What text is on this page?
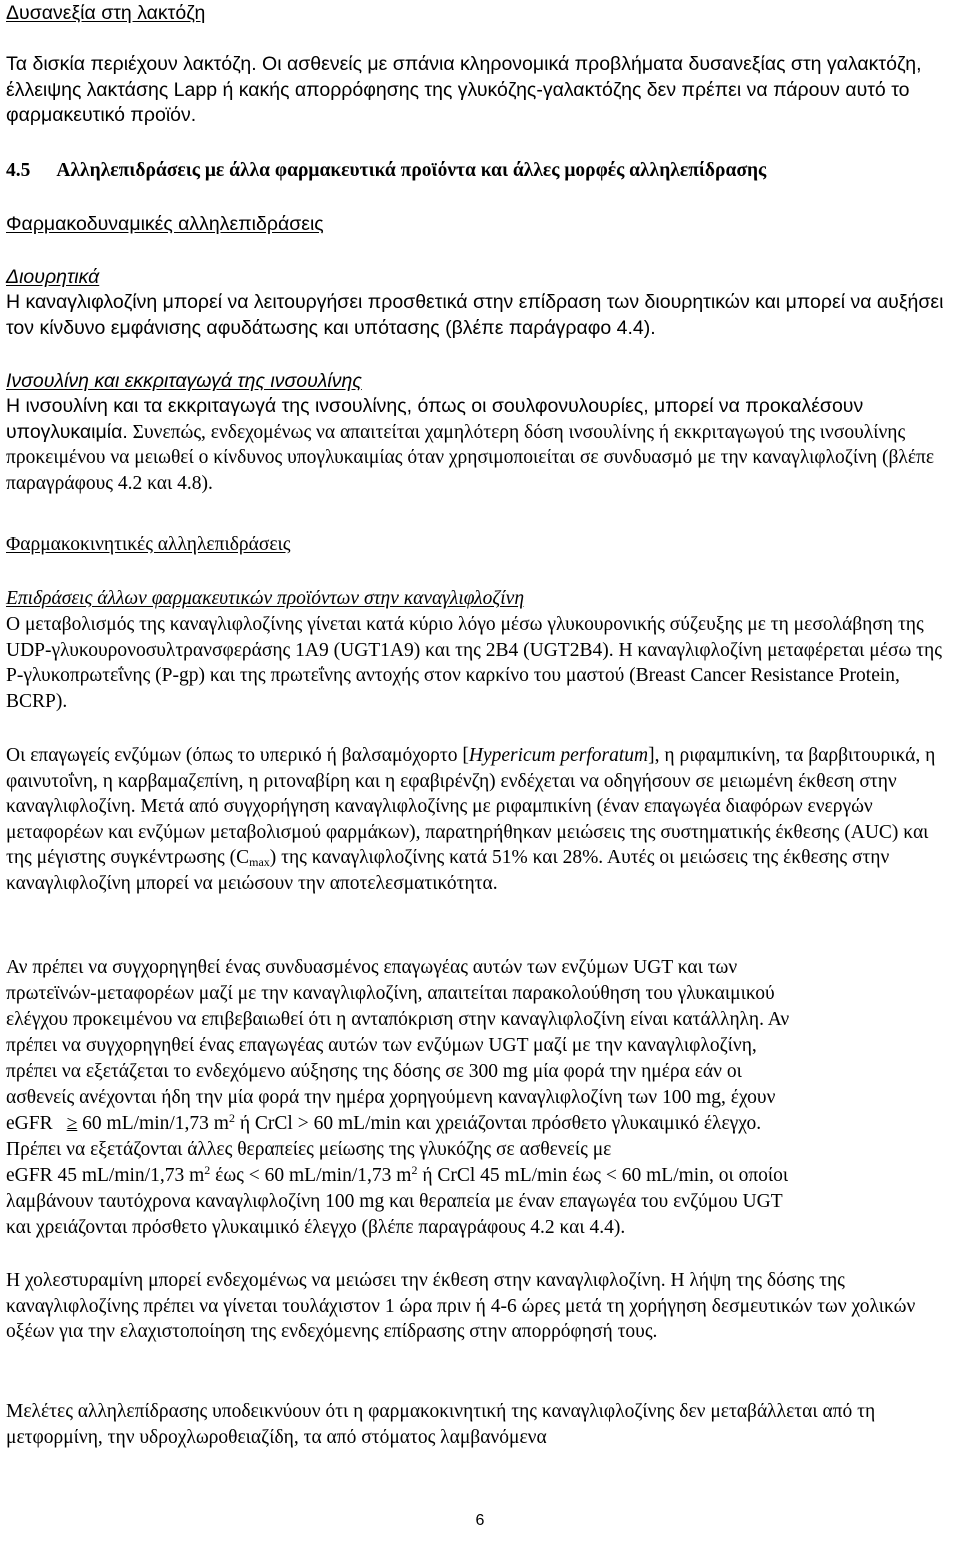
Δυσανεξία στη λακτόζη

Τα δισκία περιέχουν λακτόζη. Οι ασθενείς με σπάνια κληρονομικά προβλήματα δυσανεξίας στη γαλακτόζη, έλλειψης λακτάσης Lapp ή κακής απορρόφησης της γλυκόζης-γαλακτόζης δεν πρέπει να πάρουν αυτό το φαρμακευτικό προϊόν.

4.5 Αλληλεπιδράσεις με άλλα φαρμακευτικά προϊόντα και άλλες μορφές αλληλεπίδρασης

Φαρμακοδυναμικές αλληλεπιδράσεις

Διουρητικά

Η καναγλιφλοζίνη μπορεί να λειτουργήσει προσθετικά στην επίδραση των διουρητικών και μπορεί να αυξήσει τον κίνδυνο εμφάνισης αφυδάτωσης και υπότασης (βλέπε παράγραφο 4.4).

Ινσουλίνη και εκκριταγωγά της ινσουλίνης

Η ινσουλίνη και τα εκκριταγωγά της ινσουλίνης, όπως οι σουλφονυλουρίες, μπορεί να προκαλέσουν υπογλυκαιμία. Συνεπώς, ενδεχομένως να απαιτείται χαμηλότερη δόση ινσουλίνης ή εκκριταγωγού της ινσουλίνης προκειμένου να μειωθεί ο κίνδυνος υπογλυκαιμίας όταν χρησιμοποιείται σε συνδυασμό με την καναγλιφλοζίνη (βλέπε παραγράφους 4.2 και 4.8).

Φαρμακοκινητικές αλληλεπιδράσεις

Επιδράσεις άλλων φαρμακευτικών προϊόντων στην καναγλιφλοζίνη

Ο μεταβολισμός της καναγλιφλοζίνης γίνεται κατά κύριο λόγο μέσω γλυκουρονικής σύζευξης με τη μεσολάβηση της UDP-γλυκουρονοσυλτρανσφεράσης 1A9 (UGT1A9) και της 2B4 (UGT2B4). Η καναγλιφλοζίνη μεταφέρεται μέσω της P-γλυκοπρωτεΐνης (P-gp) και της πρωτεΐνης αντοχής στον καρκίνο του μαστού (Breast Cancer Resistance Protein, BCRP).

Οι επαγωγείς ενζύμων (όπως το υπερικό ή βαλσαμόχορτο [Hypericum perforatum], η ριφαμπικίνη, τα βαρβιτουρικά, η φαινυτοΐνη, η καρβαμαζεπίνη, η ριτοναβίρη και η εφαβιρένζη) ενδέχεται να οδηγήσουν σε μειωμένη έκθεση στην καναγλιφλοζίνη. Μετά από συγχορήγηση καναγλιφλοζίνης με ριφαμπικίνη (έναν επαγωγέα διαφόρων ενεργών μεταφορέων και ενζύμων μεταβολισμού φαρμάκων), παρατηρήθηκαν μειώσεις της συστηματικής έκθεσης (AUC) και της μέγιστης συγκέντρωσης $(C_{max})$ της καναγλιφλοζίνης κατά 51% και 28%. Αυτές οι μειώσεις της έκθεσης στην καναγλιφλοζίνη μπορεί να μειώσουν την αποτελεσματικότητα.

Αν πρέπει να συγχορηγηθεί ένας συνδυασμένος επαγωγέας αυτών των ενζύμων UGT και των

πρωτεϊνών-μεταφορέων μαζί με την καναγλιφλοζίνη, απαιτείται παρακολούθηση του γλυκαιμικού

ελέγχου προκειμένου να επιβεβαιωθεί ότι η ανταπόκριση στην καναγλιφλοζίνη είναι κατάλληλη. Αν

πρέπει να συγχορηγηθεί ένας επαγωγέας αυτών των ενζύμων UGT μαζί με την καναγλιφλοζίνη,

πρέπει να εξετάζεται το ενδεχόμενο αύξησης της δόσης σε 300 mg μία φορά την ημέρα εάν οι

ασθενείς ανέχονται ήδη την μία φορά την ημέρα χορηγούμενη καναγλιφλοζίνη των 100 mg, έχουν

eGFR ≥ 60 mL/min/1,73 $m^2$ ή CrCl > 60 mL/min και χρειάζονται πρόσθετο γλυκαιμικό έλεγχο.

Πρέπει να εξετάζονται άλλες θεραπείες μείωσης της γλυκόζης σε ασθενείς με

eGFR 45 mL/min/1,73 $m^2$ έως < 60 mL/min/1,73 $m^2$ ή CrCl 45 mL/min έως < 60 mL/min, οι οποίοι

λαμβάνουν ταυτόχρονα καναγλιφλοζίνη 100 mg και θεραπεία με έναν επαγωγέα του ενζύμου UGT

και χρειάζονται πρόσθετο γλυκαιμικό έλεγχο (βλέπε παραγράφους 4.2 και 4.4).

Η χολεστυραμίνη μπορεί ενδεχομένως να μειώσει την έκθεση στην καναγλιφλοζίνη. Η λήψη της δόσης της καναγλιφλοζίνης πρέπει να γίνεται τουλάχιστον 1 ώρα πριν ή 4-6 ώρες μετά τη χορήγηση δεσμευτικών των χολικών οξέων για την ελαχιστοποίηση της ενδεχόμενης επίδρασης στην απορρόφησή τους.

Μελέτες αλληλεπίδρασης υποδεικνύουν ότι η φαρμακοκινητική της καναγλιφλοζίνης δεν μεταβάλλεται από τη μετφορμίνη, την υδροχλωροθειαζίδη, τα από στόματος λαμβανόμενα

6
